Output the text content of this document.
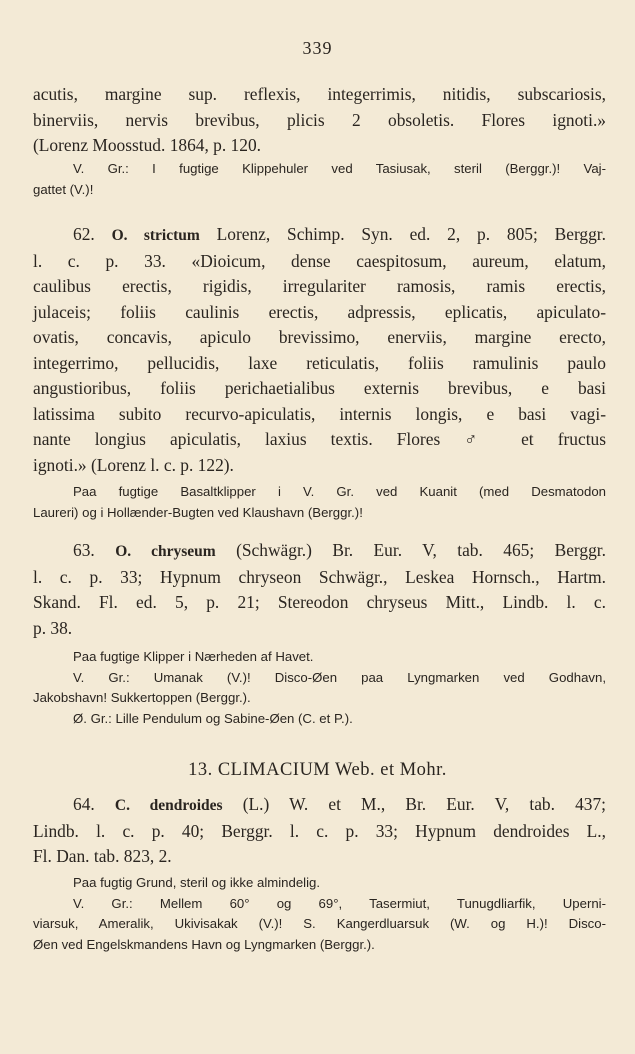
339
acutis, margine sup. reflexis, integerrimis, nitidis, subscariosis,
binerviis, nervis brevibus, plicis 2 obsoletis. Flores ignoti.»
(Lorenz Moosstud. 1864, p. 120.
V. Gr.: I fugtige Klippehuler ved Tasiusak, steril (Berggr.)! Vaj-
gattet (V.)!
62. O. strictum Lorenz, Schimp. Syn. ed. 2, p. 805; Berggr.
l. c. p. 33. «Dioicum, dense caespitosum, aureum, elatum,
caulibus erectis, rigidis, irregulariter ramosis, ramis erectis,
julaceis; foliis caulinis erectis, adpressis, eplicatis, apiculato-
ovatis, concavis, apiculo brevissimo, enerviis, margine erecto,
integerrimo, pellucidis, laxe reticulatis, foliis ramulinis paulo
angustioribus, foliis perichaetialibus externis brevibus, e basi
latissima subito recurvo-apiculatis, internis longis, e basi vagi-
nante longius apiculatis, laxius textis. Flores ♂ et fructus
ignoti.» (Lorenz l. c. p. 122).
Paa fugtige Basaltklipper i V. Gr. ved Kuanit (med Desmatodon
Laureri) og i Hollænder-Bugten ved Klaushavn (Berggr.)!
63. O. chryseum (Schwägr.) Br. Eur. V, tab. 465; Berggr.
l. c. p. 33; Hypnum chryseon Schwägr., Leskea Hornsch., Hartm.
Skand. Fl. ed. 5, p. 21; Stereodon chryseus Mitt., Lindb. l. c.
p. 38.
Paa fugtige Klipper i Nærheden af Havet.
V. Gr.: Umanak (V.)! Disco-Øen paa Lyngmarken ved Godhavn,
Jakobshavn! Sukkertoppen (Berggr.).
Ø. Gr.: Lille Pendulum og Sabine-Øen (C. et P.).
13. CLIMACIUM Web. et Mohr.
64. C. dendroides (L.) W. et M., Br. Eur. V, tab. 437;
Lindb. l. c. p. 40; Berggr. l. c. p. 33; Hypnum dendroides L.,
Fl. Dan. tab. 823, 2.
Paa fugtig Grund, steril og ikke almindelig.
V. Gr.: Mellem 60° og 69°, Tasermiut, Tunugdliarfik, Uperni-
viarsuk, Ameralik, Ukivisakak (V.)! S. Kangerdluarsuk (W. og H.)! Disco-
Øen ved Engelskmandens Havn og Lyngmarken (Berggr.).
